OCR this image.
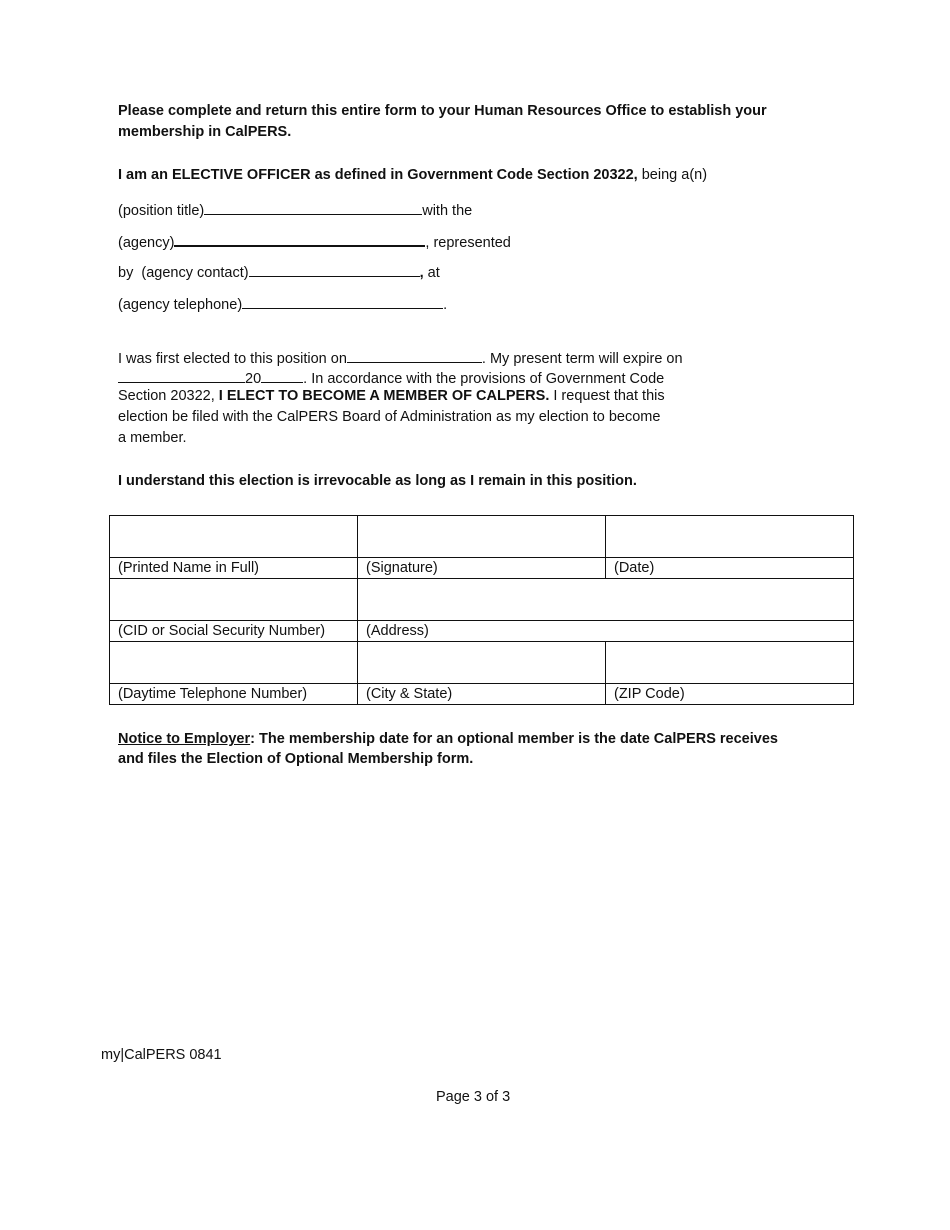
Please complete and return this entire form to your Human Resources Office to establish your
membership in CalPERS.
I am an ELECTIVE OFFICER as defined in Government Code Section 20322, being a(n)
(position title)	with the
(agency)	, represented
by (agency contact)	, at
(agency telephone)	.
I was first elected to this position on	. My present term will expire on
20	. In accordance with the provisions of Government Code
Section 20322, I ELECT TO BECOME A MEMBER OF CALPERS. I request that this
election be filed with the CalPERS Board of Administration as my election to become
a member.
I understand this election is irrevocable as long as I remain in this position.

(Printed Name in Full)	(Signature)	(Date)

(CID or Social Security Number)	(Address)	

(Daytime Telephone Number)	(City & State)	(ZIP Code)
Notice to Employer: The membership date for an optional member is the date CalPERS receives
and files the Election of Optional Membership form.
my|CalPERS 0841
Page 3 of 3
